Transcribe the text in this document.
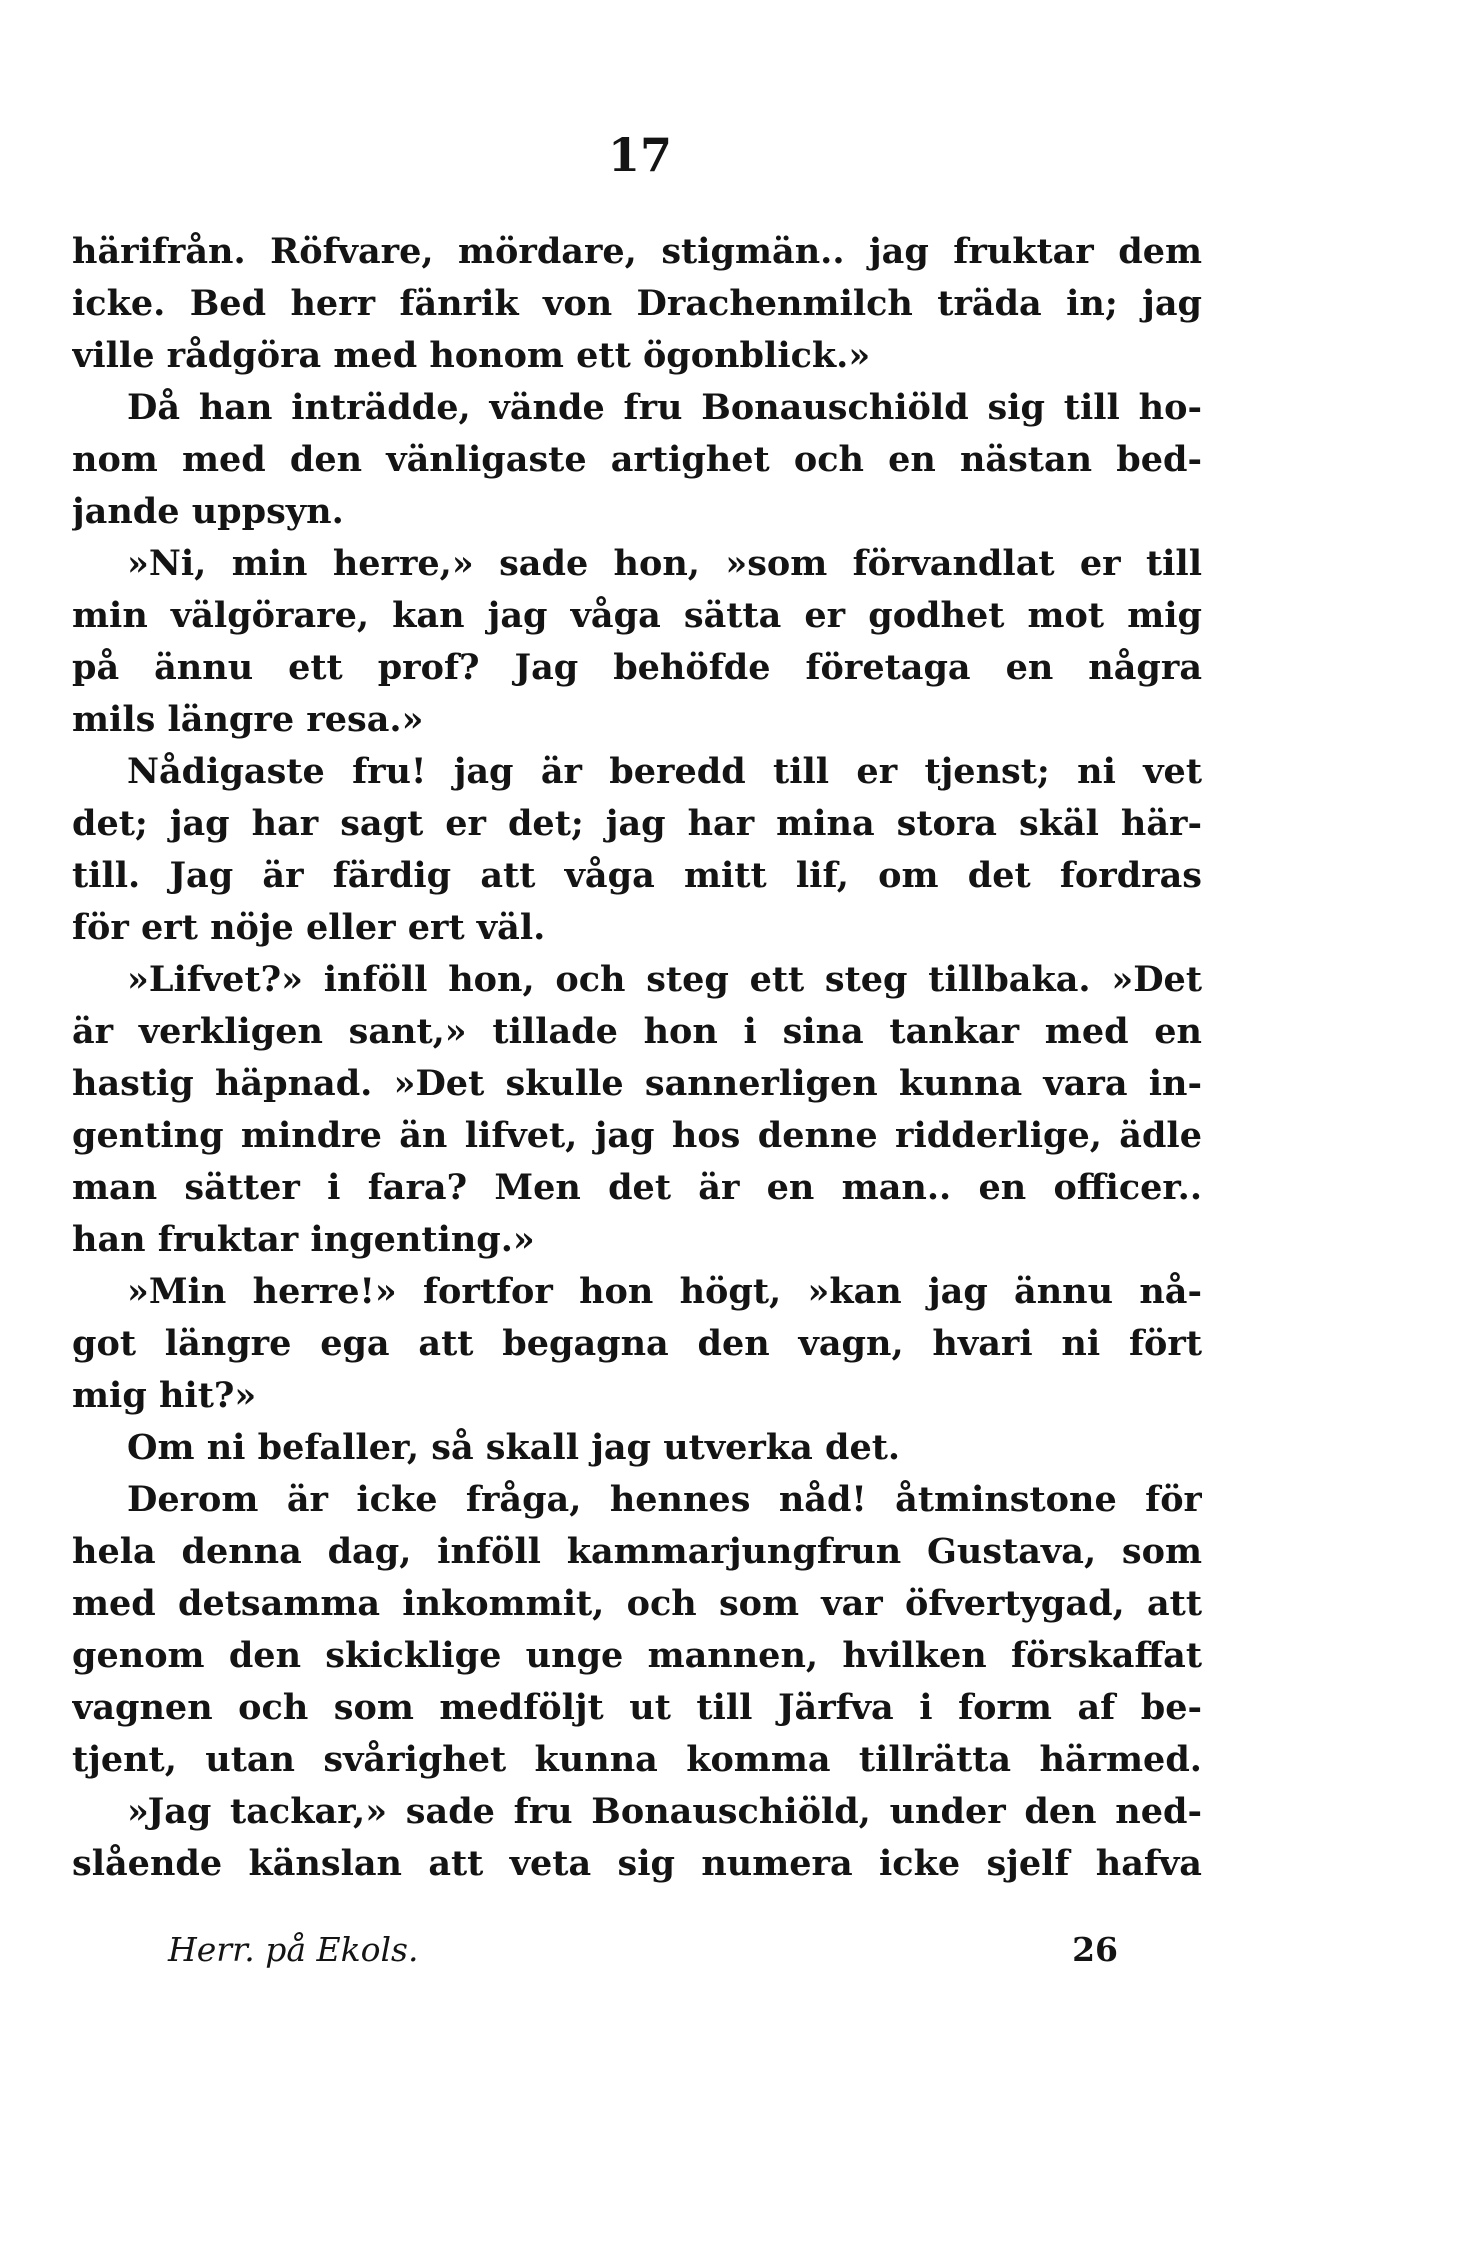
17
härifrån. Röfvare, mördare, stigmän.. jag fruktar dem
icke. Bed herr fänrik von Drachenmilch träda in; jag
ville rådgöra med honom ett ögonblick.»
Då han inträdde, vände fru Bonauschiöld sig till ho-
nom med den vänligaste artighet och en nästan bed-
jande uppsyn.
»Ni, min herre,» sade hon, »som förvandlat er till
min välgörare, kan jag våga sätta er godhet mot mig
på ännu ett prof? Jag behöfde företaga en några
mils längre resa.»
Nådigaste fru! jag är beredd till er tjenst; ni vet
det; jag har sagt er det; jag har mina stora skäl här-
till. Jag är färdig att våga mitt lif, om det fordras
för ert nöje eller ert väl.
»Lifvet?» inföll hon, och steg ett steg tillbaka. »Det
är verkligen sant,» tillade hon i sina tankar med en
hastig häpnad. »Det skulle sannerligen kunna vara in-
genting mindre än lifvet, jag hos denne ridderlige, ädle
man sätter i fara? Men det är en man.. en officer..
han fruktar ingenting.»
»Min herre!» fortfor hon högt, »kan jag ännu nå-
got längre ega att begagna den vagn, hvari ni fört
mig hit?»
Om ni befaller, så skall jag utverka det.
Derom är icke fråga, hennes nåd! åtminstone för
hela denna dag, inföll kammarjungfrun Gustava, som
med detsamma inkommit, och som var öfvertygad, att
genom den skicklige unge mannen, hvilken förskaffat
vagnen och som medföljt ut till Järfva i form af be-
tjent, utan svårighet kunna komma tillrätta härmed.
»Jag tackar,» sade fru Bonauschiöld, under den ned-
slående känslan att veta sig numera icke sjelf hafva
Herr. på Ekols.	26
